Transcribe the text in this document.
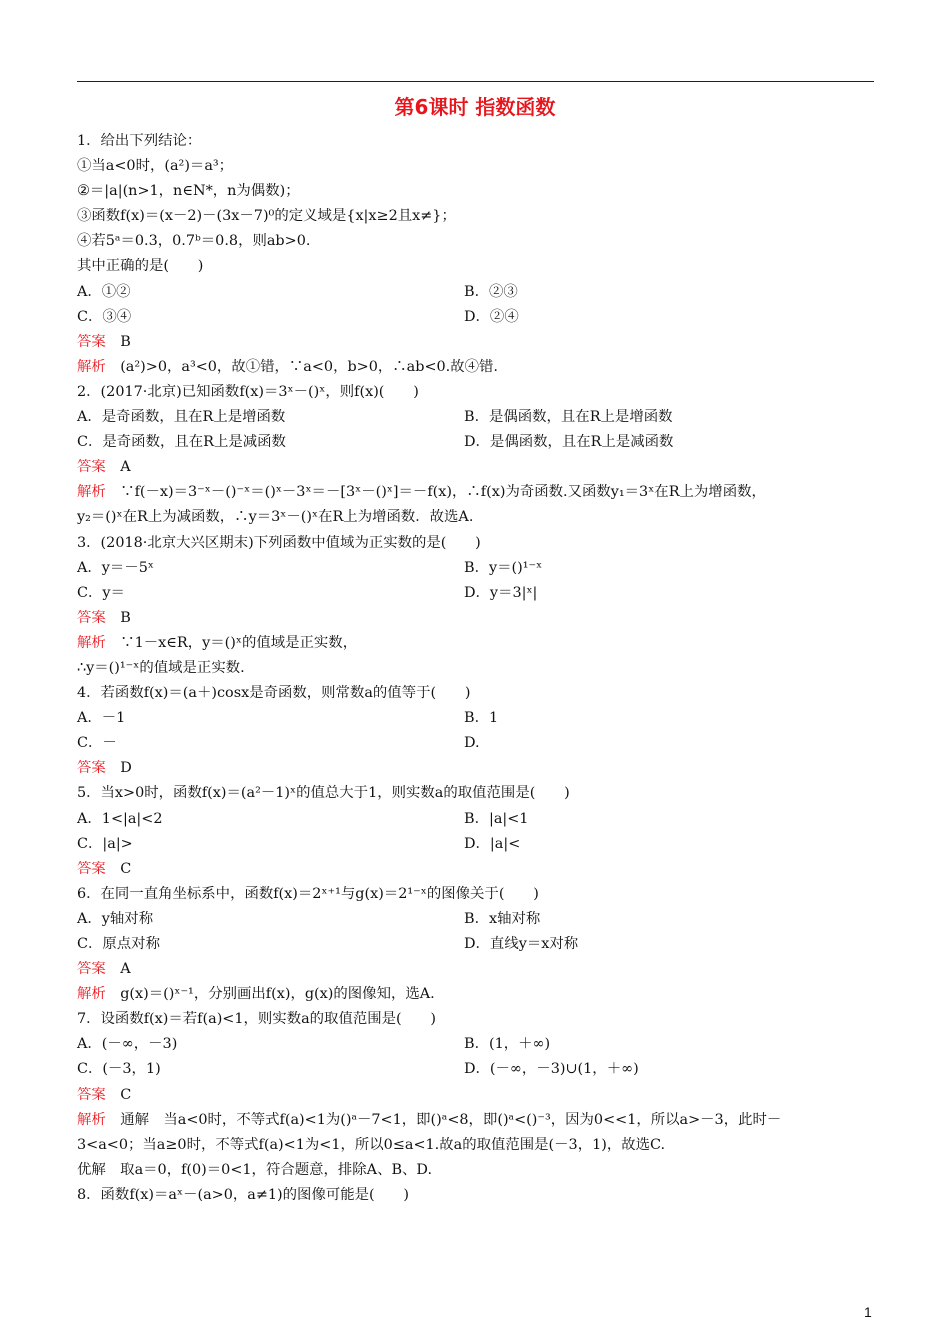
第6课时 指数函数
1．给出下列结论：
①当a<0时，(a²)＝a³；
②＝|a|(n>1，n∈N*，n为偶数)；
③函数f(x)＝(x－2)－(3x－7)⁰的定义域是{x|x≥2且x≠}；
④若5ᵃ＝0.3，0.7ᵇ＝0.8，则ab>0.
其中正确的是(　　)
A．①②	B．②③
C．③④	D．②④
答案　B
解析　(a²)>0，a³<0，故①错，∵a<0，b>0，∴ab<0.故④错.
2．(2017·北京)已知函数f(x)＝3ˣ－()ˣ，则f(x)(　　)
A．是奇函数，且在R上是增函数	B．是偶函数，且在R上是增函数
C．是奇函数，且在R上是减函数	D．是偶函数，且在R上是减函数
答案　A
解析　∵f(－x)＝3⁻ˣ－()⁻ˣ＝()ˣ－3ˣ＝－[3ˣ－()ˣ]＝－f(x)，∴f(x)为奇函数.又函数y₁＝3ˣ在R上为增函数，
y₂＝()ˣ在R上为减函数，∴y＝3ˣ－()ˣ在R上为增函数．故选A.
3．(2018·北京大兴区期末)下列函数中值域为正实数的是(　　)
A．y＝－5ˣ	B．y＝()¹⁻ˣ
C．y＝	D．y＝3|ˣ|
答案　B
解析　∵1－x∈R，y＝()ˣ的值域是正实数，
∴y＝()¹⁻ˣ的值域是正实数.
4．若函数f(x)＝(a＋)cosx是奇函数，则常数a的值等于(　　)
A．－1	B．1
C．－	D.
答案　D
5．当x>0时，函数f(x)＝(a²－1)ˣ的值总大于1，则实数a的取值范围是(　　)
A．1<|a|<2	B．|a|<1
C．|a|>	D．|a|<
答案　C
6．在同一直角坐标系中，函数f(x)＝2ˣ⁺¹与g(x)＝2¹⁻ˣ的图像关于(　　)
A．y轴对称	B．x轴对称
C．原点对称	D．直线y＝x对称
答案　A
解析　g(x)＝()ˣ⁻¹，分别画出f(x)，g(x)的图像知，选A.
7．设函数f(x)＝若f(a)<1，则实数a的取值范围是(　　)
A．(－∞，－3)	B．(1，＋∞)
C．(－3，1)	D．(－∞，－3)∪(1，＋∞)
答案　C
解析　通解　当a<0时，不等式f(a)<1为()ᵃ－7<1，即()ᵃ<8，即()ᵃ<()⁻³，因为0<<1，所以a>－3，此时－
3<a<0；当a≥0时，不等式f(a)<1为<1，所以0≤a<1.故a的取值范围是(－3，1)，故选C.
优解　取a＝0，f(0)＝0<1，符合题意，排除A、B、D.
8．函数f(x)＝aˣ－(a>0，a≠1)的图像可能是(　　)
1
